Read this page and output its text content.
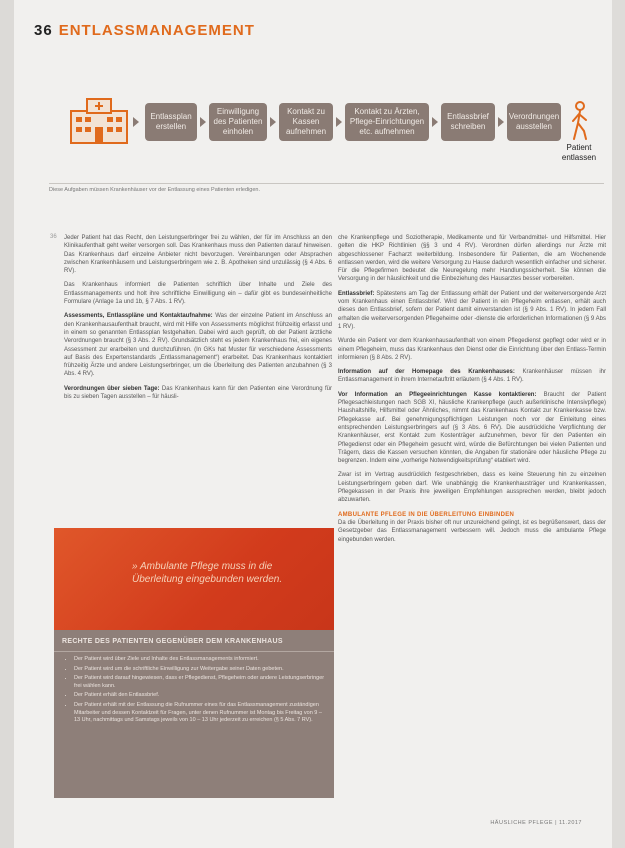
36 ENTLASSMANAGEMENT
Entlassplan erstellen
Einwilligung des Patienten einholen
Kontakt zu Kassen aufnehmen
Kontakt zu Ärzten, Pflege-Einrichtungen etc. aufnehmen
Entlassbrief schreiben
Verordnungen ausstellen
Patient entlassen
Diese Aufgaben müssen Krankenhäuser vor der Entlassung eines Patienten erledigen.
36 Jeder Patient hat das Recht, den Leistungserbringer frei zu wählen, der für im Anschluss an den Klinikaufenthalt geht weiter versorgen soll. Das Krankenhaus muss den Patienten darauf hinweisen. Das Krankenhaus darf einzelne Anbieter nicht bevorzugen. Vereinbarungen oder Absprachen zwischen Krankenhäusern und Leistungserbringern wie z. B. Apotheken sind unzulässig (§ 4 Abs. 6 RV).

Das Krankenhaus informiert die Patienten schriftlich über Inhalte und Ziele des Entlassmanagements und holt ihre schriftliche Einwilligung ein – dafür gibt es bundeseinheitliche Formulare (Anlage 1a und 1b, § 7 Abs. 1 RV).

Assessments, Entlasspläne und Kontaktaufnahme: Was der einzelne Patient im Anschluss an den Krankenhausaufenthalt braucht, wird mit Hilfe von Assessments möglichst frühzeitig erfasst und in einem so genannten Entlassplan festgehalten. Dabei wird auch geprüft, ob der Patient ärztliche Verordnungen braucht (§ 3 Abs. 2 RV). Grundsätzlich steht es jedem Krankenhaus frei, ein eigenes Assessment zur erarbeiten und durchzuführen. (In GKs hat Muster für verschiedene Assessments auf Basis des Expertenstandards „Entlassmanagement“) erarbeitet. Das Krankenhaus kontaktiert frühzeitig Ärzte und andere Leistungserbringer, um die Überleitung des Patienten anzubahnen (§ 3 Abs. 4 RV).

Verordnungen über sieben Tage: Das Krankenhaus kann für den Patienten eine Verordnung für bis zu sieben Tagen ausstellen – für häusli-

» Ambulante Pflege muss in die Überleitung eingebunden werden.

RECHTE DES PATIENTEN GEGENÜBER DEM KRANKENHAUS

• Der Patient wird über Ziele und Inhalte des Entlassmanagements informiert.
• Der Patient wird um die schriftliche Einwilligung zur Weitergabe seiner Daten gebeten.
• Der Patient wird darauf hingewiesen, dass er Pflegedienst, Pflegeheim oder andere Leistungserbringer frei wählen kann.
• Der Patient erhält den Entlassbrief.
• Der Patient erhält mit der Entlassung die Rufnummer eines für das Entlassmanagement zuständigen Mitarbeiter und dessen Kontaktzeit für Fragen, unter denen Rufnummer ist Montag bis Freitag von 9 – 13 Uhr, nachmittags und Samstags jeweils von 10 – 13 Uhr jederzeit zu erreichen (§ 5 Abs. 7 RV).

che Krankenpflege und Soziotherapie, Medikamente und für Verbandmittel- und Hilfsmittel. Hier gelten die HKP Richtlinien (§§ 3 und 4 RV). Verordnen dürfen allerdings nur Ärzte mit abgeschlossener Facharzt weiterbildung. Insbesondere für Patienten, die am Wochenende entlassen werden, wird die weitere Versorgung zu Hause dadurch wesentlich einfacher und sicherer. Für die Pflegefirmen bedeutet die Neuregelung mehr Handlungssicherheit. Sie können die Versorgung in der häuslichkeit und die Einbeziehung des Hausarztes besser vorbereiten.

Entlassbrief: Spätestens am Tag der Entlassung erhält der Patient und der weiterversorgende Arzt vom Krankenhaus einen Entlassbrief. Wird der Patient in ein Pflegeheim entlassen, erhält auch dieses den Entlassbrief, sofern der Patient damit einverstanden ist (§ 9 Abs. 1 RV). In jedem Fall erhalten die weiterversorgenden Pflegeheime oder -dienste die erforderlichen Informationen (§ 9 Abs 1 RV).

Wurde ein Patient vor dem Krankenhausaufenthalt von einem Pflegedienst gepflegt oder wird er in einem Pflegeheim, muss das Krankenhaus den Dienst oder die Einrichtung über den Entlass-Termin informieren (§ 8 Abs. 2 RV).

Information auf der Homepage des Krankenhauses: Krankenhäuser müssen ihr Entlassmanagement in ihrem Internetauftritt erläutern (§ 4 Abs. 1 RV).

Vor Information an Pflegeeinrichtungen Kasse kontaktieren: Braucht der Patient Pflegesachleistungen nach SGB XI, häusliche Krankenpflege (auch außerklinische Intensivpflege) Haushaltshilfe, Hilfsmittel oder Ähnliches, nimmt das Krankenhaus Kontakt zur Krankenkasse bzw. Pflegekasse auf. Bei genehmigungspflichtigen Leistungen noch vor der Einleitung eines entsprechenden Leistungserbringers auf (§ 3 Abs. 6 RV). Die ausdrückliche Verpflichtung der Krankenhäuser, erst Kontakt zum Kostenträger aufzunehmen, bevor für den Patienten ein Pflegedienst oder ein Pflegeheim gesucht wird, würde die Befürchtungen bei vielen Patienten und Trägern, dass die Kassen versuchen könnten, die Angaben für stationäre oder häusliche Pflege zu begrenzen. Indem eine „vorherige Notwendigkeitsprüfung“ etabliert wird.

Zwar ist im Vertrag ausdrücklich festgeschrieben, dass es keine Steuerung hin zu einzelnen Leistungserbringern geben darf. Wie unabhängig die Krankenhausträger und Krankenkassen, Pflegekassen in der Praxis ihre jeweiligen Empfehlungen aussprechen werden, bleibt jedoch abzuwarten.

AMBULANTE PFLEGE IN DIE ÜBERLEITUNG EINBINDEN

Da die Überleitung in der Praxis bisher oft nur unzureichend gelingt, ist es begrüßenswert, dass der Gesetzgeber das Entlassmanagement verbessern will. Jedoch muss die ambulante Pflege eingebunden werden.

HÄUSLICHE PFLEGE | 11.2017
